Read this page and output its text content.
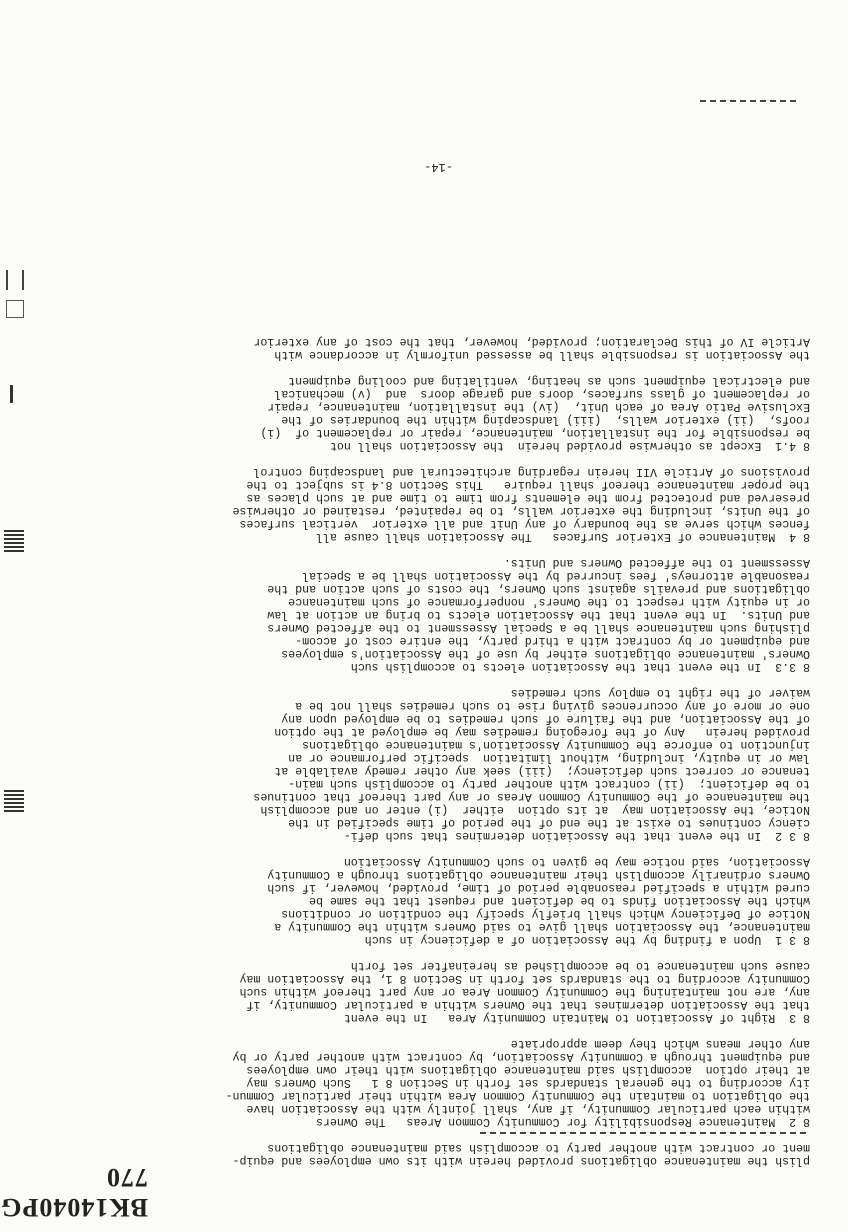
BK14040PG 770
plish the maintenance obligations provided herein with its own employees and equip-
ment or contract with another party to accomplish said maintenance obligations
8 2  Maintenance Responsibility for Community Common Areas   The Owners
within each particular Community, if any, shall jointly with the Association have
the obligation to maintain the Community Common Area within their particular Commun-
ity according to the general standards set forth in Section 8 1   Such Owners may
at their option  accomplish said maintenance obligations with their own employees
and equipment through a Community Association, by contract with another party or by
any other means which they deem appropriate
8 3  Right of Association to Maintain Community Area   In the event
that the Association determines that the Owners within a particular Community, if
any, are not maintaining the Community Common Area or any part thereof within such
Community according to the standards set forth in Section 8 1, the Association may
cause such maintenance to be accomplished as hereinafter set forth
8 3 1  Upon a finding by the Association of a deficiency in such
maintenance, the Association shall give to said Owners within the Community a
Notice of Deficiency which shall briefly specify the condition or conditions
which the Association finds to be deficient and request that the same be
cured within a specified reasonable period of time, provided, however, if such
Owners ordinarily accomplish their maintenance obligations through a Community
Association, said notice may be given to such Community Association
8 3 2  In the event that the Association determines that such defi-
ciency continues to exist at the end of the period of time specified in the
Notice, the Association may  at its option  either  (i) enter on and accomplish
the maintenance of the Community Common Areas or any part thereof that continues
to be deficient;  (ii) contract with another party to accomplish such main-
tenance or correct such deficiency;  (iii) seek any other remedy available at
law or in equity, including, without limitation  specific performance or an
injunction to enforce the Community Association's maintenance obligations
provided herein   Any of the foregoing remedies may be employed at the option
of the Association, and the failure of such remedies to be employed upon any
one or more of any occurrences giving rise to such remedies shall not be a
waiver of the right to employ such remedies
8 3.3  In the event that the Association elects to accomplish such
Owners' maintenance obligations either by use of the Association's employees
and equipment or by contract with a third party, the entire cost of accom-
plishing such maintenance shall be a Special Assessment to the affected Owners
and Units.  In the event that the Association elects to bring an action at law
or in equity with respect to the Owners' nonperformance of such maintenance
obligations and prevails against such Owners, the costs of such action and the
reasonable attorneys' fees incurred by the Association shall be a Special
Assessment to the affected Owners and Units.
8 4  Maintenance of Exterior Surfaces   The Association shall cause all
fences which serve as the boundary of any Unit and all exterior  vertical surfaces
of the Units, including the exterior walls, to be repainted, restained or otherwise
preserved and protected from the elements from time to time and at such places as
the proper maintenance thereof shall require   This Section 8.4 is subject to the
provisions of Article VII herein regarding architectural and landscaping control
8 4.1  Except as otherwise provided herein  the Association shall not
be responsible for the installation, maintenance, repair or replacement of  (i)
roofs,  (ii) exterior walls,  (iii) landscaping within the boundaries of the
Exclusive Patio Area of each Unit,  (iv) the installation, maintenance, repair
or replacement of glass surfaces, doors and garage doors  and  (v) mechanical
and electrical equipment such as heating, ventilating and cooling equipment
the Association is responsible shall be assessed uniformly in accordance with
Article IV of this Declaration; provided, however, that the cost of any exterior
-14-
